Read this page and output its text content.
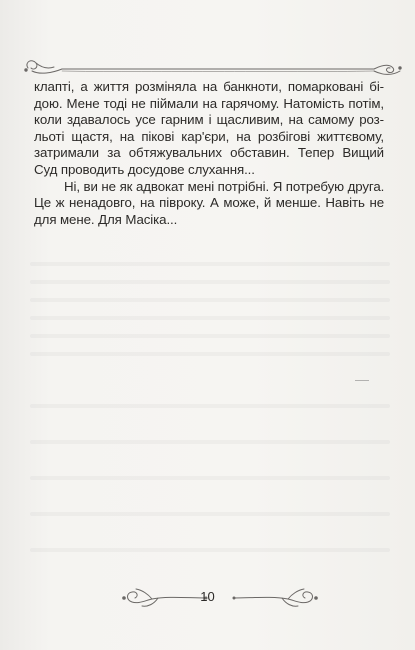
клапті, а життя розміняла на банкноти, помарковані бі-
дою. Мене тоді не піймали на гарячому. Натомість потім,
коли здавалось усе гарним і щасливим, на самому роз-
льоті щастя, на пікові кар'єри, на розбігові життєвому,
затримали за обтяжувальних обставин. Тепер Вищий
Суд проводить досудове слухання...
Ні, ви не як адвокат мені потрібні. Я потребую друга.
Це ж ненадовго, на півроку. А може, й менше. Навіть не
для мене. Для Масіка...
10
